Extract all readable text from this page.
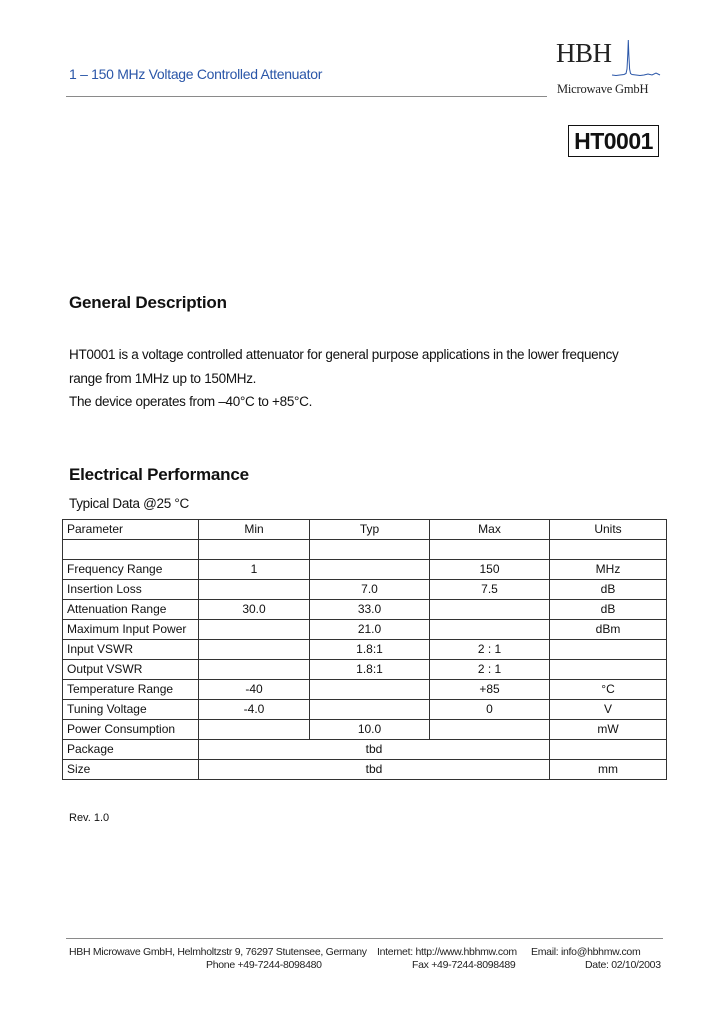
1 – 150 MHz Voltage Controlled Attenuator
HBH
Microwave GmbH
HT0001
General Description
HT0001 is a voltage controlled attenuator for general purpose applications in the lower frequency
range from 1MHz up to 150MHz.
The device operates from –40°C to +85°C.
Electrical Performance
Typical Data @25 °C
Parameter	Min	Typ	Max	Units

Frequency Range	1		150	MHz
Insertion Loss		7.0	7.5	dB
Attenuation Range	30.0	33.0		dB
Maximum Input Power		21.0		dBm
Input VSWR		1.8:1	2 : 1	
Output VSWR		1.8:1	2 : 1	
Temperature Range	-40		+85	°C
Tuning Voltage	-4.0		0	V
Power Consumption		10.0		mW
Package	tbd			
Size	tbd			mm
Rev. 1.0
HBH Microwave GmbH, Helmholtzstr 9, 76297 Stutensee, Germany Internet: http://www.hbhmw.com Email: info@hbhmw.com
Phone +49-7244-8098480	Fax +49-7244-8098489	Date: 02/10/2003
